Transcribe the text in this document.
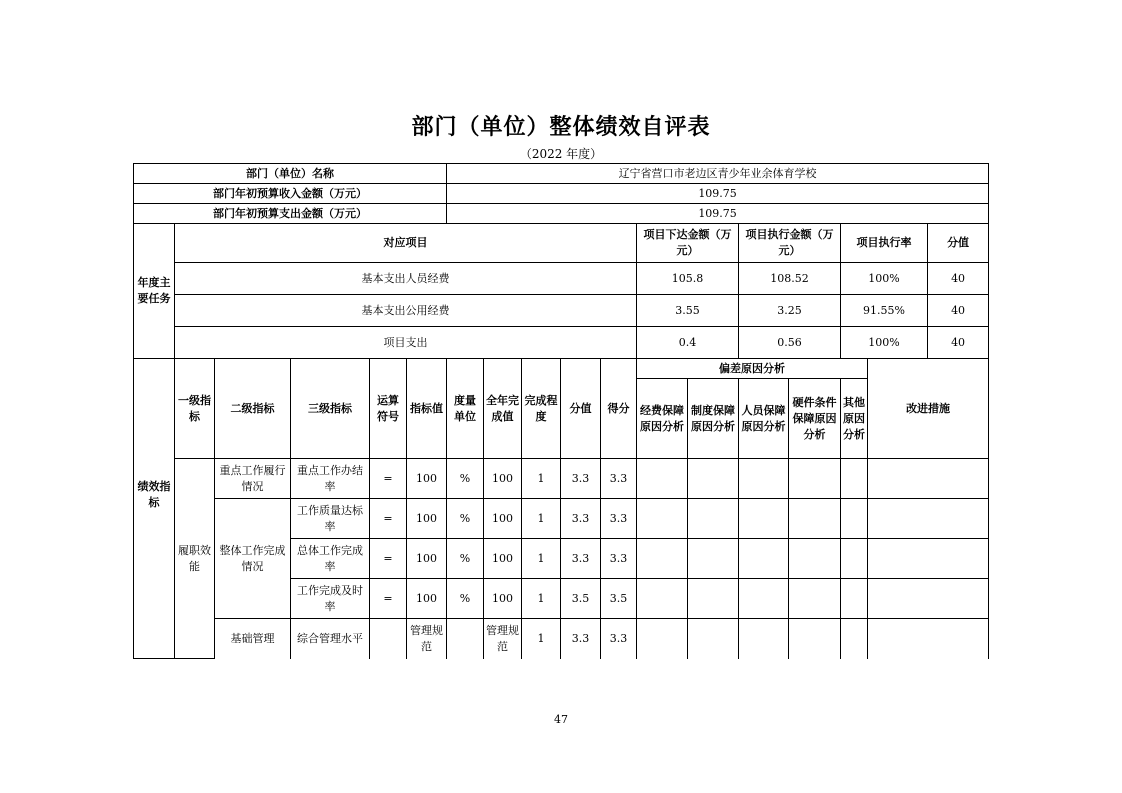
部门（单位）整体绩效自评表
（2022 年度）
部门（单位）名称						辽宁省营口市老边区青少年业余体育学校												
部门年初预算收入金额（万元）						109.75												
部门年初预算支出金额（万元）						109.75												
年度主要任务	对应项目										项目下达金额（万元）		项目执行金额（万元）		项目执行率		分值	
	基本支出人员经费										105.8		108.52		100%		40	
	基本支出公用经费										3.55		3.25		91.55%		40	
	项目支出										0.4		0.56		100%		40	
绩效指标	一级指标	二级指标	三级指标	运算符号	指标值	度量单位	全年完成值	完成程度	分值	得分	偏差原因分析					改进措施		
											经费保障原因分析	制度保障原因分析	人员保障原因分析	硬件条件保障原因分析	其他原因分析			
	履职效能	重点工作履行情况	重点工作办结率	=	100	%	100	1	3.3	3.3								
		整体工作完成情况	工作质量达标率	=	100	%	100	1	3.3	3.3								
			总体工作完成率	=	100	%	100	1	3.3	3.3								
			工作完成及时率	=	100	%	100	1	3.5	3.5								
		基础管理	综合管理水平		管理规范		管理规范	1	3.3	3.3								
47
